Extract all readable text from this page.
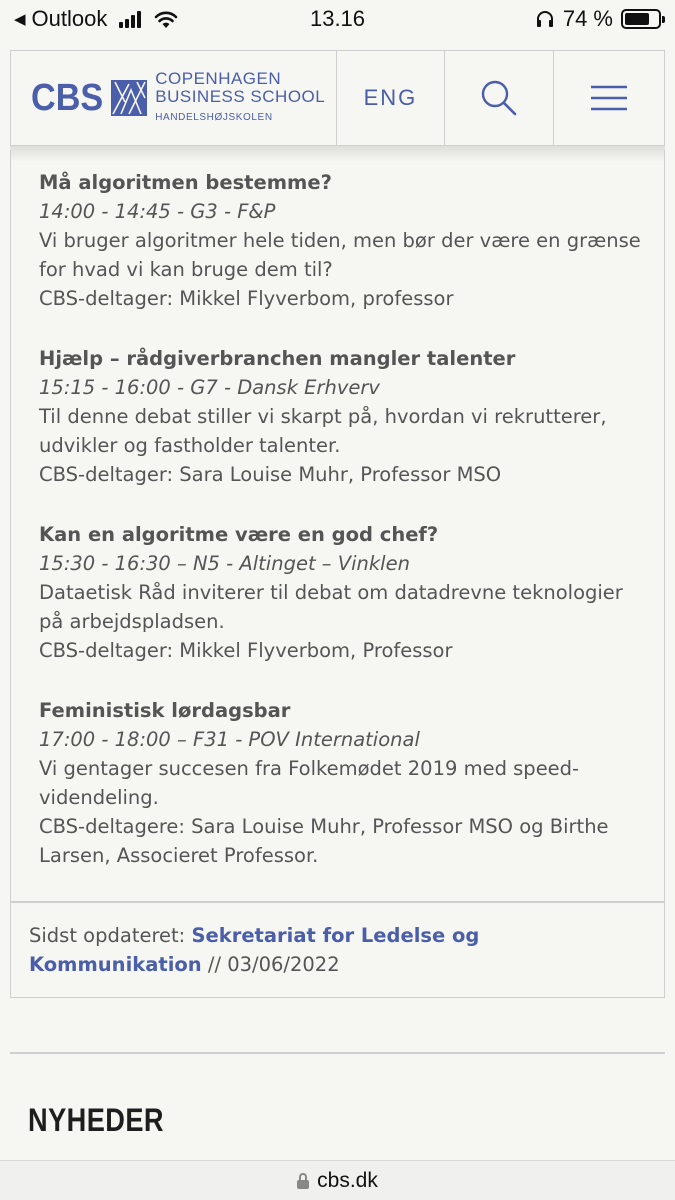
◀ Outlook	13.16	74 %
CBS	COPENHAGEN
BUSINESS SCHOOL
HANDELSHØJSKOLEN
ENG
Må algoritmen bestemme?
14:00 - 14:45 - G3 - F&P
Vi bruger algoritmer hele tiden, men bør der være en grænse for hvad vi kan bruge dem til?
CBS-deltager: Mikkel Flyverbom, professor
Hjælp – rådgiverbranchen mangler talenter
15:15 - 16:00 - G7 - Dansk Erhverv
Til denne debat stiller vi skarpt på, hvordan vi rekrutterer, udvikler og fastholder talenter.
CBS-deltager: Sara Louise Muhr, Professor MSO
Kan en algoritme være en god chef?
15:30 - 16:30 – N5 - Altinget – Vinklen
Dataetisk Råd inviterer til debat om datadrevne teknologier på arbejdspladsen.
CBS-deltager: Mikkel Flyverbom, Professor
Feministisk lørdagsbar
17:00 - 18:00 – F31 - POV International
Vi gentager succesen fra Folkemødet 2019 med speed-videndeling.
CBS-deltagere: Sara Louise Muhr, Professor MSO og Birthe Larsen, Associeret Professor.
Sidst opdateret: Sekretariat for Ledelse og Kommunikation // 03/06/2022
NYHEDER
cbs.dk
